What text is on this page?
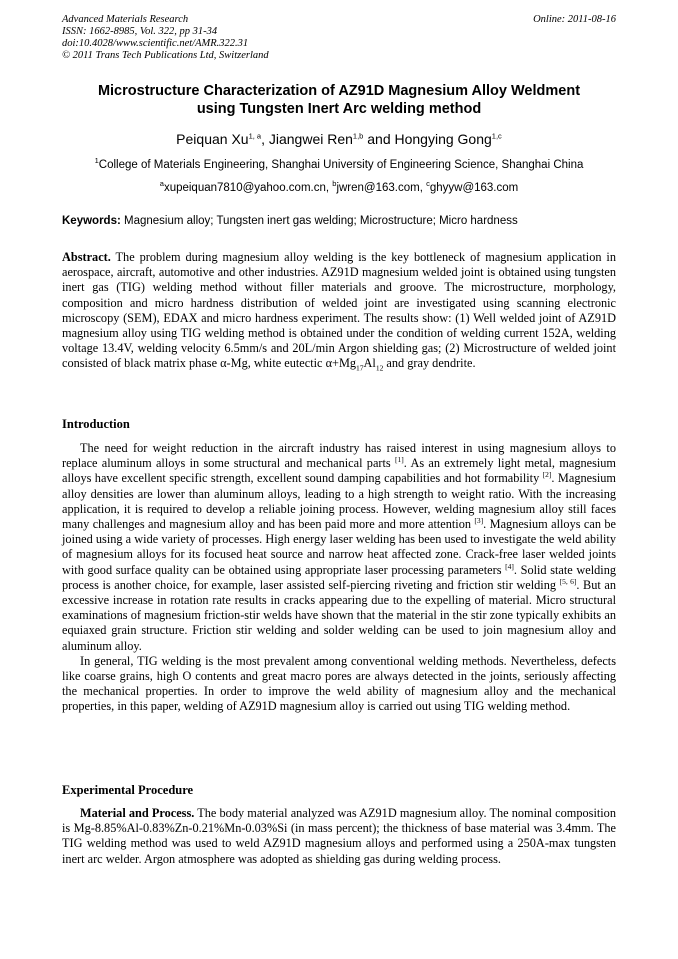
Advanced Materials Research
ISSN: 1662-8985, Vol. 322, pp 31-34
doi:10.4028/www.scientific.net/AMR.322.31
© 2011 Trans Tech Publications Ltd, Switzerland
Online: 2011-08-16
Microstructure Characterization of AZ91D Magnesium Alloy Weldment
using Tungsten Inert Arc welding method
Peiquan Xu$^{1, a}$, Jiangwei Ren$^{1,b}$ and Hongying Gong$^{1,c}$
$^1$College of Materials Engineering, Shanghai University of Engineering Science, Shanghai China
$^a$xupeiquan7810@yahoo.com.cn, $^b$jwren@163.com, $^c$ghyyw@163.com
Keywords: Magnesium alloy; Tungsten inert gas welding; Microstructure; Micro hardness

Abstract. The problem during magnesium alloy welding is the key bottleneck of magnesium application in aerospace, aircraft, automotive and other industries. AZ91D magnesium welded joint is obtained using tungsten inert gas (TIG) welding method without filler materials and groove. The microstructure, morphology, composition and micro hardness distribution of welded joint are investigated using scanning electronic microscopy (SEM), EDAX and micro hardness experiment. The results show: (1) Well welded joint of AZ91D magnesium alloy using TIG welding method is obtained under the condition of welding current 152A, welding voltage 13.4V, welding velocity 6.5mm/s and 20L/min Argon shielding gas; (2) Microstructure of welded joint consisted of black matrix phase α-Mg, white eutectic $\alpha+Mg_{17}Al_{12}$ and gray dendrite.

Introduction

The need for weight reduction in the aircraft industry has raised interest in using magnesium alloys to replace aluminum alloys in some structural and mechanical parts [1]. As an extremely light metal, magnesium alloys have excellent specific strength, excellent sound damping capabilities and hot formability [2]. Magnesium alloy densities are lower than aluminum alloys, leading to a high strength to weight ratio. With the increasing application, it is required to develop a reliable joining process. However, welding magnesium alloy still faces many challenges and magnesium alloy and has been paid more and more attention [3]. Magnesium alloys can be joined using a wide variety of processes. High energy laser welding has been used to investigate the weld ability of magnesium alloys for its focused heat source and narrow heat affected zone. Crack-free laser welded joints with good surface quality can be obtained using appropriate laser processing parameters [4]. Solid state welding process is another choice, for example, laser assisted self-piercing riveting and friction stir welding [5, 6]. But an excessive increase in rotation rate results in cracks appearing due to the expelling of material. Micro structural examinations of magnesium friction-stir welds have shown that the material in the stir zone typically exhibits an equiaxed grain structure. Friction stir welding and solder welding can be used to join magnesium alloy and aluminum alloy.

In general, TIG welding is the most prevalent among conventional welding methods. Nevertheless, defects like coarse grains, high O contents and great macro pores are always detected in the joints, seriously affecting the mechanical properties. In order to improve the weld ability of magnesium alloy and the mechanical properties, in this paper, welding of AZ91D magnesium alloy is carried out using TIG welding method.

Experimental Procedure

Material and Process. The body material analyzed was AZ91D magnesium alloy. The nominal composition is Mg-8.85%Al-0.83%Zn-0.21%Mn-0.03%Si (in mass percent); the thickness of base material was 3.4mm. The TIG welding method was used to weld AZ91D magnesium alloys and performed using a 250A-max tungsten inert arc welder. Argon atmosphere was adopted as shielding gas during welding process.
